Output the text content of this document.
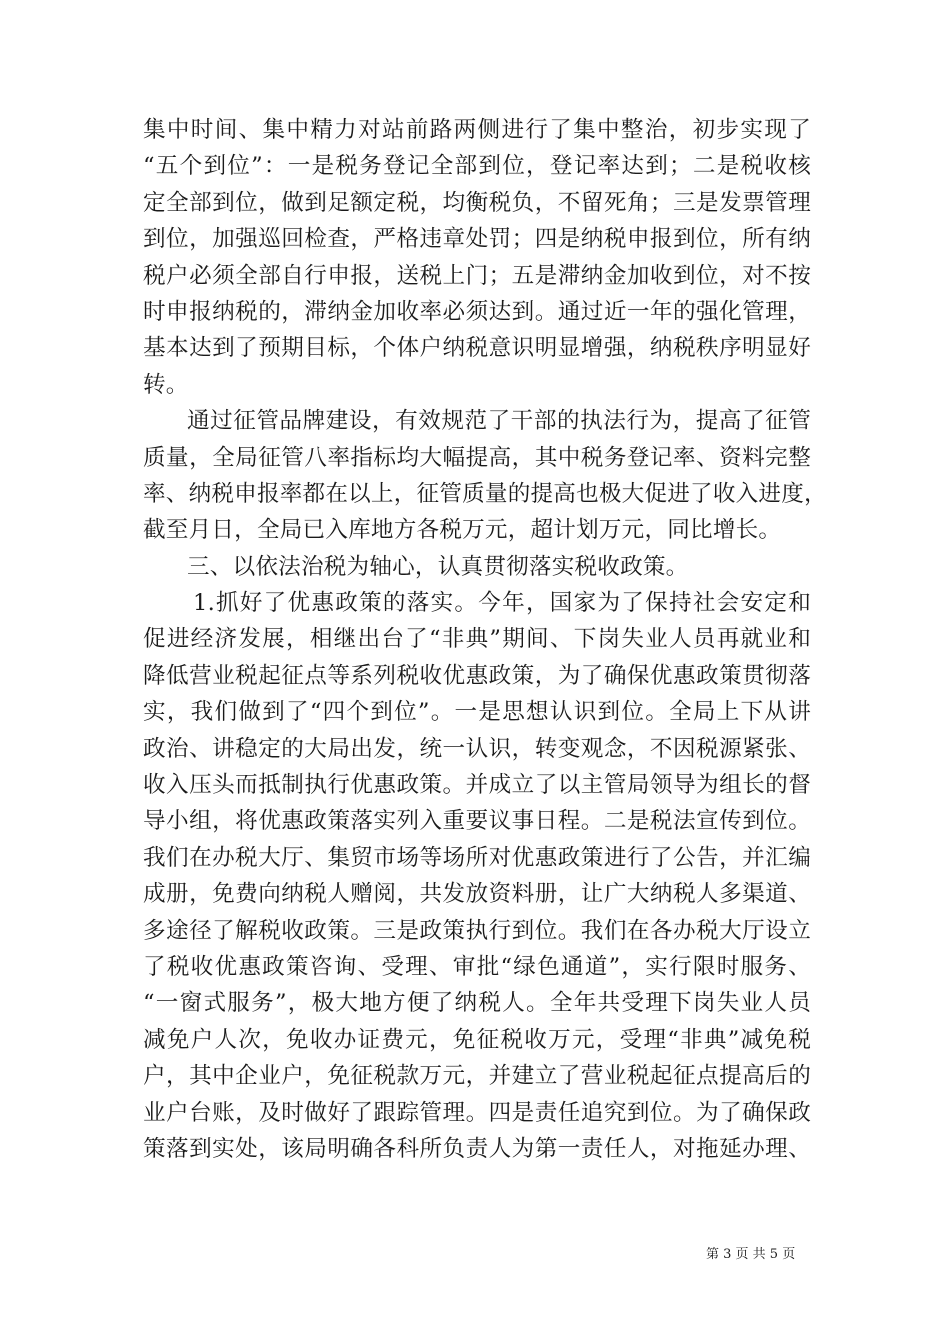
集中时间、集中精力对站前路两侧进行了集中整治，初步实现了
“五个到位”：一是税务登记全部到位，登记率达到；二是税收核
定全部到位，做到足额定税，均衡税负，不留死角；三是发票管理
到位，加强巡回检查，严格违章处罚；四是纳税申报到位，所有纳
税户必须全部自行申报，送税上门；五是滞纳金加收到位，对不按
时申报纳税的，滞纳金加收率必须达到。通过近一年的强化管理，
基本达到了预期目标，个体户纳税意识明显增强，纳税秩序明显好
转。
通过征管品牌建设，有效规范了干部的执法行为，提高了征管
质量，全局征管八率指标均大幅提高，其中税务登记率、资料完整
率、纳税申报率都在以上，征管质量的提高也极大促进了收入进度，
截至月日，全局已入库地方各税万元，超计划万元，同比增长。
三、以依法治税为轴心，认真贯彻落实税收政策。
1.抓好了优惠政策的落实。今年，国家为了保持社会安定和
促进经济发展，相继出台了“非典”期间、下岗失业人员再就业和
降低营业税起征点等系列税收优惠政策，为了确保优惠政策贯彻落
实，我们做到了“四个到位”。一是思想认识到位。全局上下从讲
政治、讲稳定的大局出发，统一认识，转变观念，不因税源紧张、
收入压头而抵制执行优惠政策。并成立了以主管局领导为组长的督
导小组，将优惠政策落实列入重要议事日程。二是税法宣传到位。
我们在办税大厅、集贸市场等场所对优惠政策进行了公告，并汇编
成册，免费向纳税人赠阅，共发放资料册，让广大纳税人多渠道、
多途径了解税收政策。三是政策执行到位。我们在各办税大厅设立
了税收优惠政策咨询、受理、审批“绿色通道”，实行限时服务、
“一窗式服务”，极大地方便了纳税人。全年共受理下岗失业人员
减免户人次，免收办证费元，免征税收万元，受理“非典”减免税
户，其中企业户，免征税款万元，并建立了营业税起征点提高后的
业户台账，及时做好了跟踪管理。四是责任追究到位。为了确保政
策落到实处，该局明确各科所负责人为第一责任人，对拖延办理、
第 3 页 共 5 页
